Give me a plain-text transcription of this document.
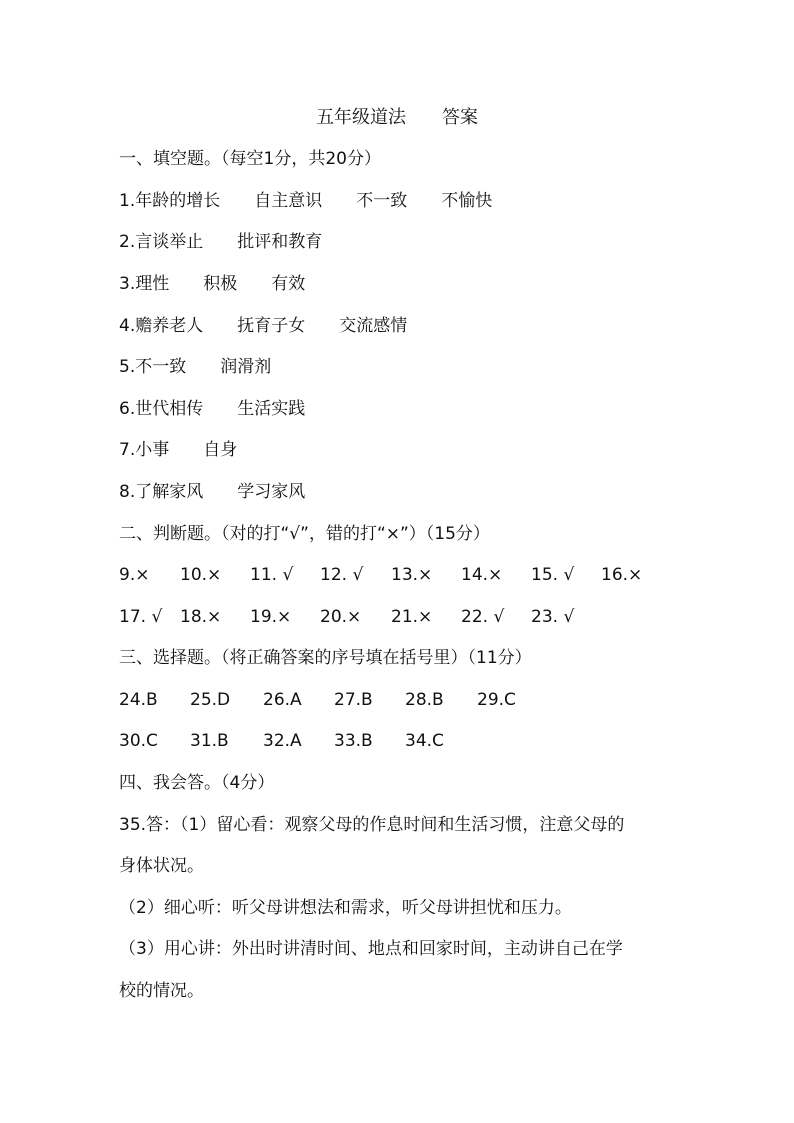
五年级道法　　答案
一、填空题。（每空1分，共20分）
1.年龄的增长　　自主意识　　不一致　　不愉快
2.言谈举止　　批评和教育
3.理性　　积极　　有效
4.赡养老人　　抚育子女　　交流感情
5.不一致　　润滑剂
6.世代相传　　生活实践
7.小事　　自身
8.了解家风　　学习家风
二、判断题。（对的打“√”，错的打“×”）（15分）
9.× 10.× 11. √ 12. √ 13.× 14.× 15. √ 16.×
17. √ 18.× 19.× 20.× 21.× 22. √ 23. √
三、选择题。（将正确答案的序号填在括号里）（11分）
24.B 25.D 26.A 27.B 28.B 29.C
30.C 31.B 32.A 33.B 34.C
四、我会答。（4分）
35.答：（1）留心看：观察父母的作息时间和生活习惯，注意父母的
身体状况。
（2）细心听：听父母讲想法和需求，听父母讲担忧和压力。
（3）用心讲：外出时讲清时间、地点和回家时间，主动讲自己在学
校的情况。
